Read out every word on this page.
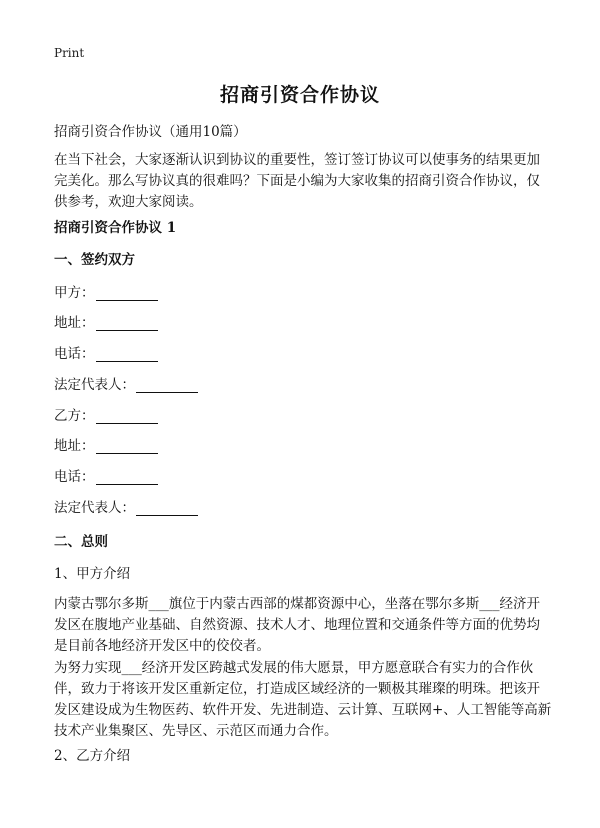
Print
招商引资合作协议
招商引资合作协议（通用10篇）

在当下社会，大家逐渐认识到协议的重要性，签订签订协议可以使事务的结果更加完美化。那么写协议真的很难吗？下面是小编为大家收集的招商引资合作协议，仅供参考，欢迎大家阅读。

招商引资合作协议 1
一、签约双方
甲方：
地址：
电话：
法定代表人：
乙方：
地址：
电话：
法定代表人：
二、总则
1、甲方介绍

内蒙古鄂尔多斯___旗位于内蒙古西部的煤都资源中心，坐落在鄂尔多斯___经济开发区在腹地产业基础、自然资源、技术人才、地理位置和交通条件等方面的优势均是目前各地经济开发区中的佼佼者。

为努力实现___经济开发区跨越式发展的伟大愿景，甲方愿意联合有实力的合作伙伴，致力于将该开发区重新定位，打造成区域经济的一颗极其璀璨的明珠。把该开发区建设成为生物医药、软件开发、先进制造、云计算、互联网+、人工智能等高新技术产业集聚区、先导区、示范区而通力合作。

2、乙方介绍
